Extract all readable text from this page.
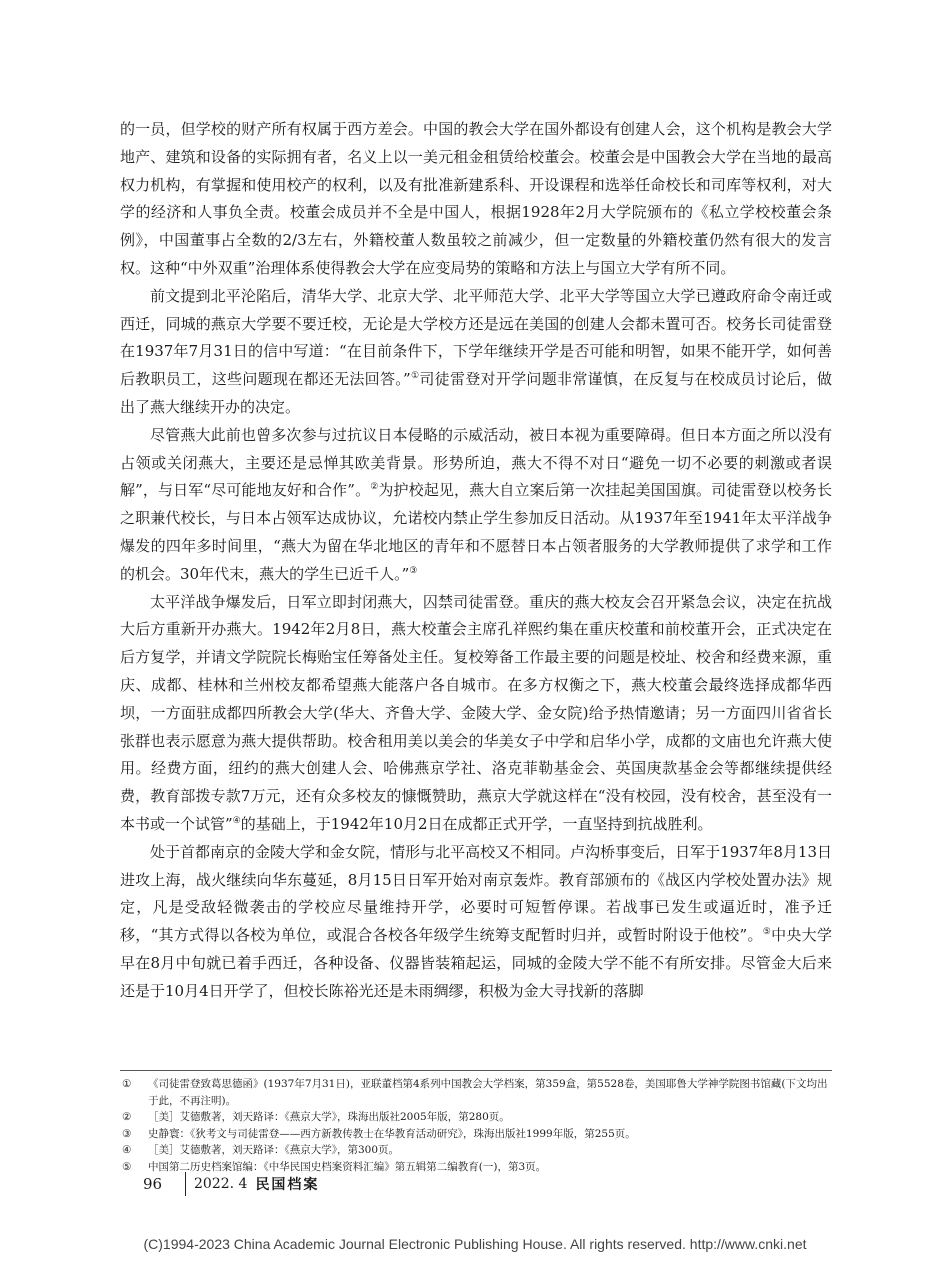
的一员，但学校的财产所有权属于西方差会。中国的教会大学在国外都设有创建人会，这个机构是教会大学地产、建筑和设备的实际拥有者，名义上以一美元租金租赁给校董会。校董会是中国教会大学在当地的最高权力机构，有掌握和使用校产的权利，以及有批准新建系科、开设课程和选举任命校长和司库等权利，对大学的经济和人事负全责。校董会成员并不全是中国人，根据1928年2月大学院颁布的《私立学校校董会条例》，中国董事占全数的2/3左右，外籍校董人数虽较之前减少，但一定数量的外籍校董仍然有很大的发言权。这种“中外双重”治理体系使得教会大学在应变局势的策略和方法上与国立大学有所不同。

前文提到北平沦陷后，清华大学、北京大学、北平师范大学、北平大学等国立大学已遵政府命令南迁或西迁，同城的燕京大学要不要迁校，无论是大学校方还是远在美国的创建人会都未置可否。校务长司徒雷登在1937年7月31日的信中写道：“在目前条件下，下学年继续开学是否可能和明智，如果不能开学，如何善后教职员工，这些问题现在都还无法回答。”①司徒雷登对开学问题非常谨慎，在反复与在校成员讨论后，做出了燕大继续开办的决定。

尽管燕大此前也曾多次参与过抗议日本侵略的示威活动，被日本视为重要障碍。但日本方面之所以没有占领或关闭燕大，主要还是忌惮其欧美背景。形势所迫，燕大不得不对日“避免一切不必要的刺激或者误解”，与日军“尽可能地友好和合作”。②为护校起见，燕大自立案后第一次挂起美国国旗。司徒雷登以校务长之职兼代校长，与日本占领军达成协议，允诺校内禁止学生参加反日活动。从1937年至1941年太平洋战争爆发的四年多时间里，“燕大为留在华北地区的青年和不愿替日本占领者服务的大学教师提供了求学和工作的机会。30年代末，燕大的学生已近千人。”③

太平洋战争爆发后，日军立即封闭燕大，囚禁司徒雷登。重庆的燕大校友会召开紧急会议，决定在抗战大后方重新开办燕大。1942年2月8日，燕大校董会主席孔祥熙约集在重庆校董和前校董开会，正式决定在后方复学，并请文学院院长梅贻宝任筹备处主任。复校筹备工作最主要的问题是校址、校舍和经费来源，重庆、成都、桂林和兰州校友都希望燕大能落户各自城市。在多方权衡之下，燕大校董会最终选择成都华西坝，一方面驻成都四所教会大学(华大、齐鲁大学、金陵大学、金女院)给予热情邀请；另一方面四川省省长张群也表示愿意为燕大提供帮助。校舍租用美以美会的华美女子中学和启华小学，成都的文庙也允许燕大使用。经费方面，纽约的燕大创建人会、哈佛燕京学社、洛克菲勒基金会、英国庚款基金会等都继续提供经费，教育部拨专款7万元，还有众多校友的慷慨赞助，燕京大学就这样在“没有校园，没有校舍，甚至没有一本书或一个试管”④的基础上，于1942年10月2日在成都正式开学，一直坚持到抗战胜利。

处于首都南京的金陵大学和金女院，情形与北平高校又不相同。卢沟桥事变后，日军于1937年8月13日进攻上海，战火继续向华东蔓延，8月15日日军开始对南京轰炸。教育部颁布的《战区内学校处置办法》规定，凡是受敌轻微袭击的学校应尽量维持开学，必要时可短暂停课。若战事已发生或逼近时，准予迁移，“其方式得以各校为单位，或混合各校各年级学生统筹支配暂时归并，或暂时附设于他校”。⑤中央大学早在8月中旬就已着手西迁，各种设备、仪器皆装箱起运，同城的金陵大学不能不有所安排。尽管金大后来还是于10月4日开学了，但校长陈裕光还是未雨绸缪，积极为金大寻找新的落脚

①	《司徒雷登致葛思德函》(1937年7月31日)，亚联董档第4系列中国教会大学档案，第359盒，第5528卷，美国耶鲁大学神学院图书馆藏(下文均出于此，不再注明)。
②	［美］艾德敷著，刘天路译：《燕京大学》，珠海出版社2005年版，第280页。
③	史静寰：《狄考文与司徒雷登——西方新教传教士在华教育活动研究》，珠海出版社1999年版，第255页。
④	［美］艾德敷著，刘天路译：《燕京大学》，第300页。
⑤	中国第二历史档案馆编：《中华民国史档案资料汇编》第五辑第二编教育(一)，第3页。
96	2022. 4 民国档案
(C)1994-2023 China Academic Journal Electronic Publishing House. All rights reserved. http://www.cnki.net
